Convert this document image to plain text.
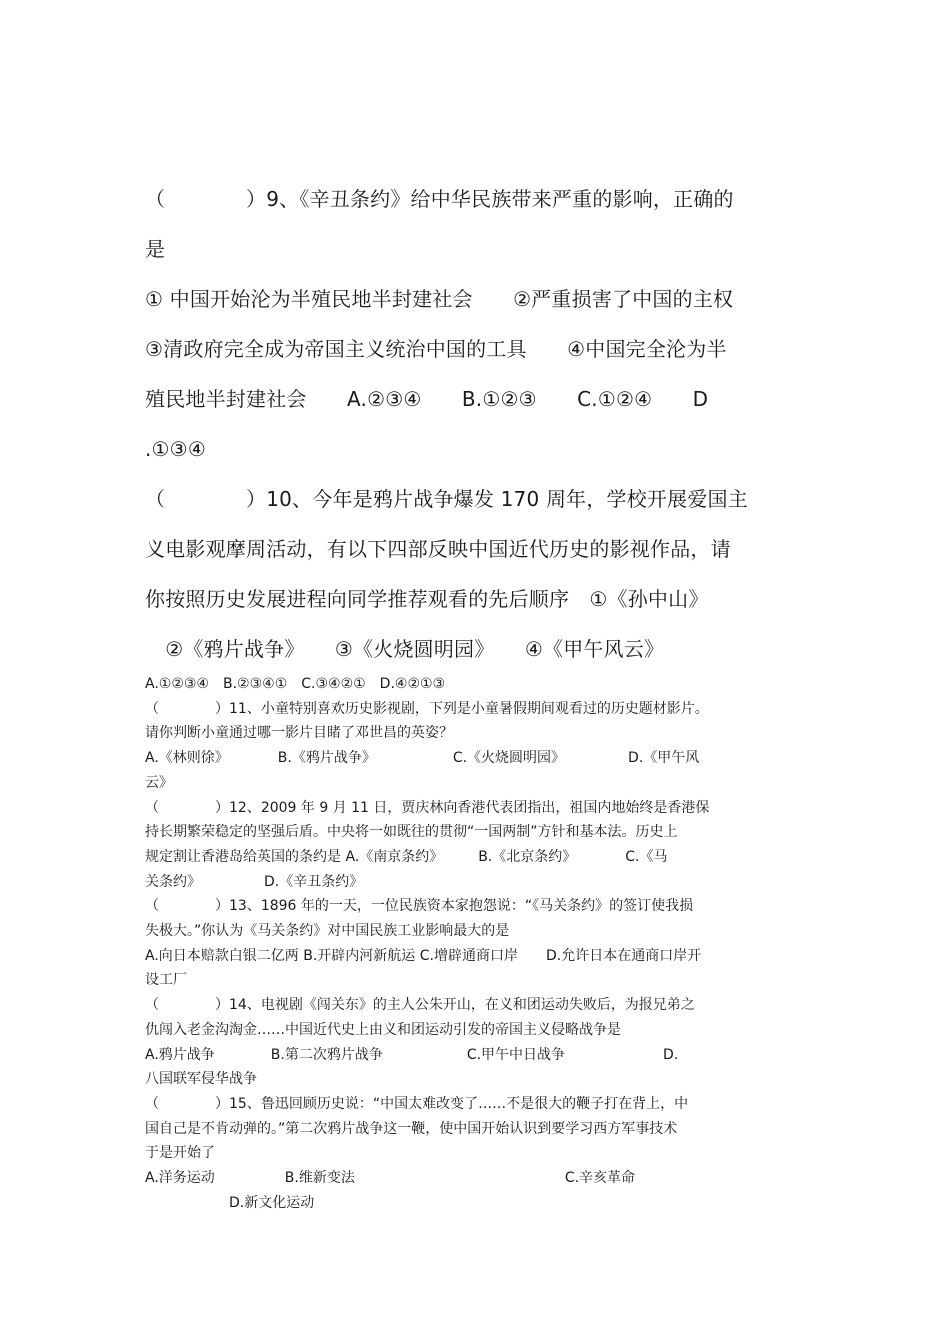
（　　　　）9、《辛丑条约》给中华民族带来严重的影响，正确的
是
① 中国开始沦为半殖民地半封建社会　　②严重损害了中国的主权
③清政府完全成为帝国主义统治中国的工具　　④中国完全沦为半
殖民地半封建社会　　A.②③④　　B.①②③　　C.①②④　　D
.①③④
（　　　　）10、今年是鸦片战争爆发 170 周年，学校开展爱国主
义电影观摩周活动，有以下四部反映中国近代历史的影视作品，请
你按照历史发展进程向同学推荐观看的先后顺序　①《孙中山》
　②《鸦片战争》　　③《火烧圆明园》　　④《甲午风云》
A.①②③④　B.②③④①　C.③④②①　D.④②①③
（　　　　）11、小童特别喜欢历史影视剧，下列是小童暑假期间观看过的历史题材影片。
请你判断小童通过哪一影片目睹了邓世昌的英姿？
A.《林则徐》　　　　B.《鸦片战争》　　　　　　C.《火烧圆明园》　　　　　D.《甲午风
云》
（　　　　）12、2009 年 9 月 11 日，贾庆林向香港代表团指出，祖国内地始终是香港保
持长期繁荣稳定的坚强后盾。中央将一如既往的贯彻“一国两制”方针和基本法。历史上
规定割让香港岛给英国的条约是 A.《南京条约》　　　B.《北京条约》　　　　C.《马
关条约》　　　　　D.《辛丑条约》
（　　　　）13、1896 年的一天，一位民族资本家抱怨说：“《马关条约》的签订使我损
失极大。”你认为《马关条约》对中国民族工业影响最大的是
A.向日本赔款白银二亿两 B.开辟内河新航运 C.增辟通商口岸　　D.允许日本在通商口岸开
设工厂
（　　　　）14、电视剧《闯关东》的主人公朱开山，在义和团运动失败后，为报兄弟之
仇闯入老金沟淘金……中国近代史上由义和团运动引发的帝国主义侵略战争是
A.鸦片战争　　　　B.第二次鸦片战争　　　　　　C.甲午中日战争　　　　　　　D.
八国联军侵华战争
（　　　　）15、鲁迅回顾历史说：“中国太难改变了……不是很大的鞭子打在背上，中
国自己是不肯动弹的。”第二次鸦片战争这一鞭，使中国开始认识到要学习西方军事技术
于是开始了
A.洋务运动　　　　　B.维新变法　　　　　　　　　　　　　　　C.辛亥革命
　　　　　　D.新文化运动
